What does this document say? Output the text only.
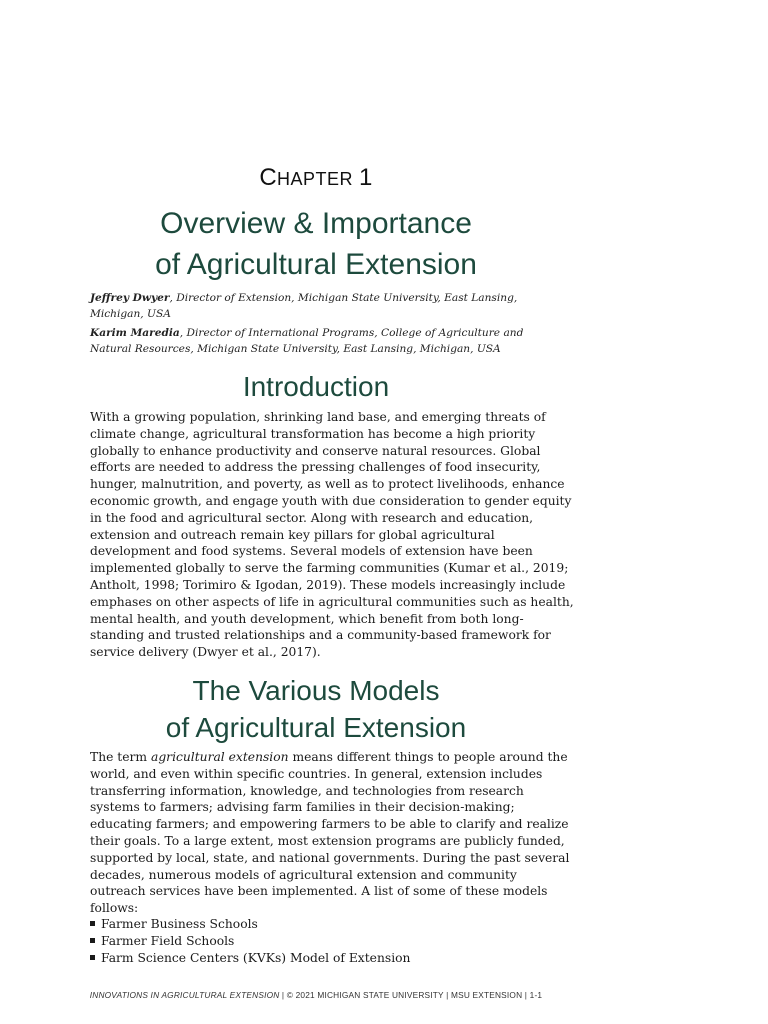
CHAPTER 1
Overview & Importance
of Agricultural Extension
Jeffrey Dwyer, Director of Extension, Michigan State University, East Lansing,
Michigan, USA
Karim Maredia, Director of International Programs, College of Agriculture and
Natural Resources, Michigan State University, East Lansing, Michigan, USA
Introduction
With a growing population, shrinking land base, and emerging threats of
climate change, agricultural transformation has become a high priority
globally to enhance productivity and conserve natural resources. Global
efforts are needed to address the pressing challenges of food insecurity,
hunger, malnutrition, and poverty, as well as to protect livelihoods, enhance
economic growth, and engage youth with due consideration to gender equity
in the food and agricultural sector. Along with research and education,
extension and outreach remain key pillars for global agricultural
development and food systems. Several models of extension have been
implemented globally to serve the farming communities (Kumar et al., 2019;
Antholt, 1998; Torimiro & Igodan, 2019). These models increasingly include
emphases on other aspects of life in agricultural communities such as health,
mental health, and youth development, which benefit from both long-
standing and trusted relationships and a community-based framework for
service delivery (Dwyer et al., 2017).
The Various Models
of Agricultural Extension
The term agricultural extension means different things to people around the
world, and even within specific countries. In general, extension includes
transferring information, knowledge, and technologies from research
systems to farmers; advising farm families in their decision-making;
educating farmers; and empowering farmers to be able to clarify and realize
their goals. To a large extent, most extension programs are publicly funded,
supported by local, state, and national governments. During the past several
decades, numerous models of agricultural extension and community
outreach services have been implemented. A list of some of these models
follows:
Farmer Business Schools
Farmer Field Schools
Farm Science Centers (KVKs) Model of Extension
INNOVATIONS IN AGRICULTURAL EXTENSION | © 2021 MICHIGAN STATE UNIVERSITY | MSU EXTENSION | 1-1
